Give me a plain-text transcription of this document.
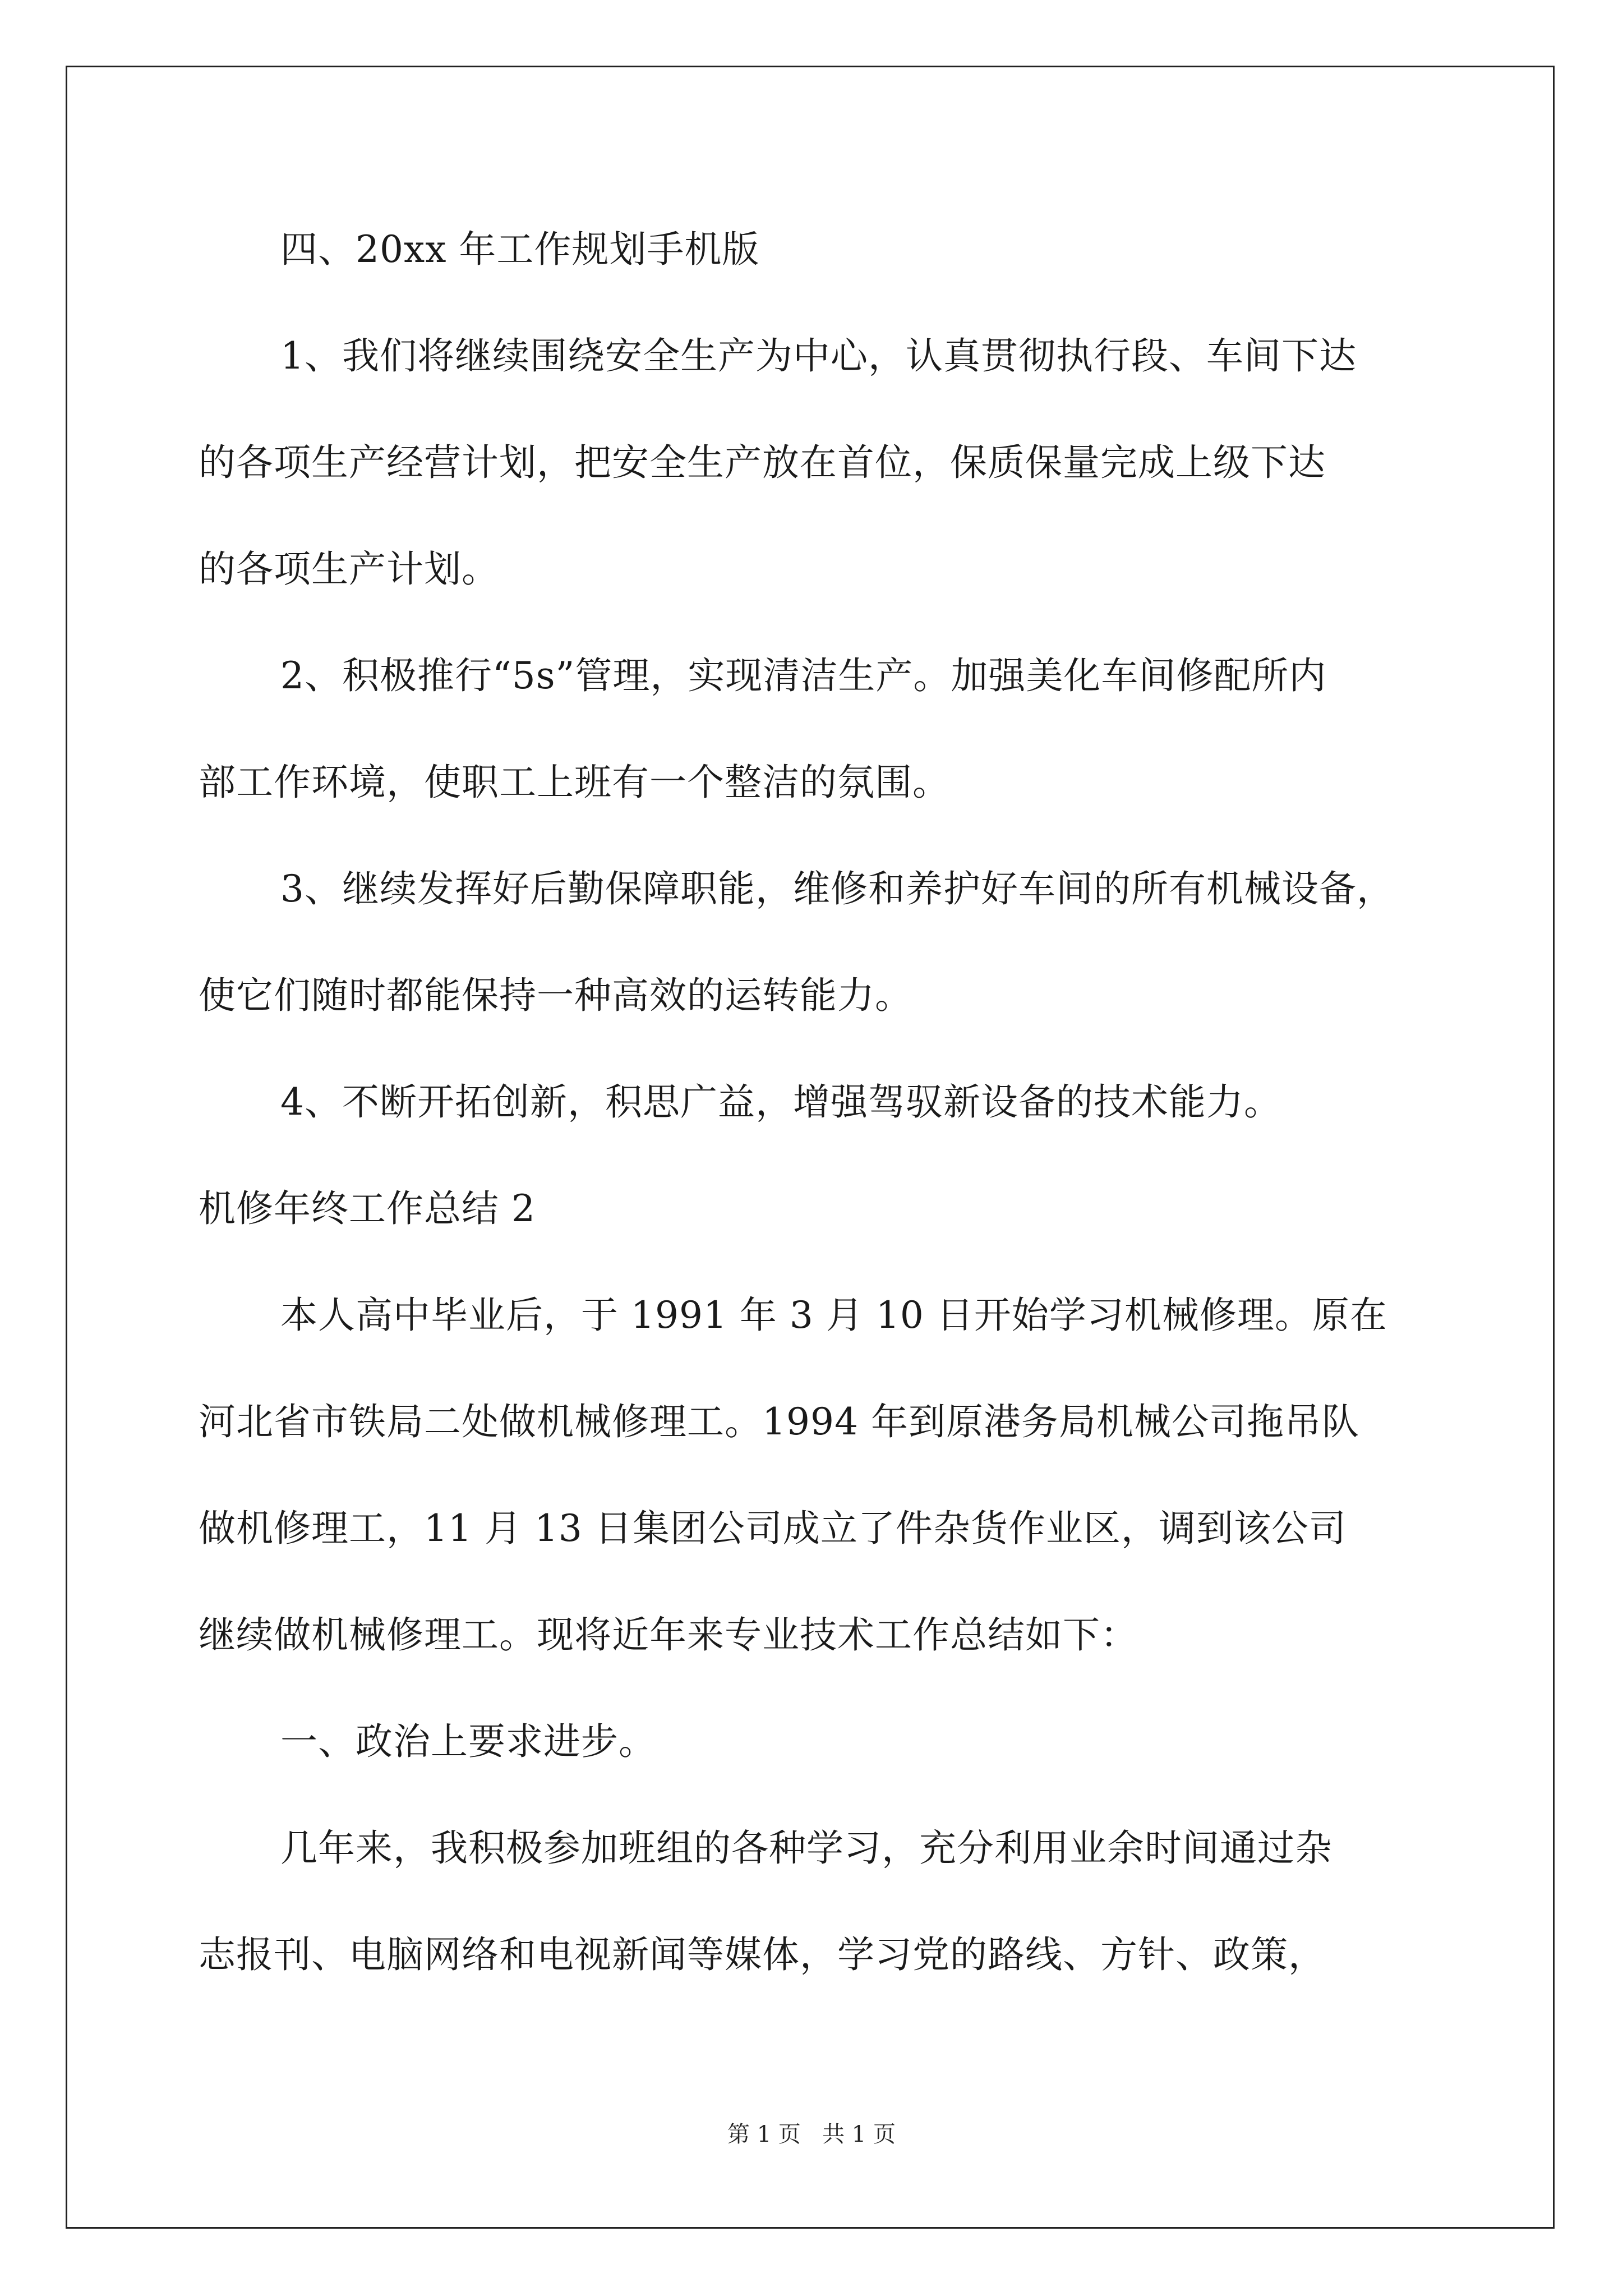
四、20xx 年工作规划手机版
1、我们将继续围绕安全生产为中心，认真贯彻执行段、车间下达
的各项生产经营计划，把安全生产放在首位，保质保量完成上级下达
的各项生产计划。
2、积极推行“5s”管理，实现清洁生产。加强美化车间修配所内
部工作环境，使职工上班有一个整洁的氛围。
3、继续发挥好后勤保障职能，维修和养护好车间的所有机械设备，
使它们随时都能保持一种高效的运转能力。
4、不断开拓创新，积思广益，增强驾驭新设备的技术能力。
机修年终工作总结 2
本人高中毕业后，于 1991 年 3 月 10 日开始学习机械修理。原在
河北省市铁局二处做机械修理工。1994 年到原港务局机械公司拖吊队
做机修理工，11 月 13 日集团公司成立了件杂货作业区，调到该公司
继续做机械修理工。现将近年来专业技术工作总结如下：
一、政治上要求进步。
几年来，我积极参加班组的各种学习，充分利用业余时间通过杂
志报刊、电脑网络和电视新闻等媒体，学习党的路线、方针、政策，
第 1 页   共 1 页
